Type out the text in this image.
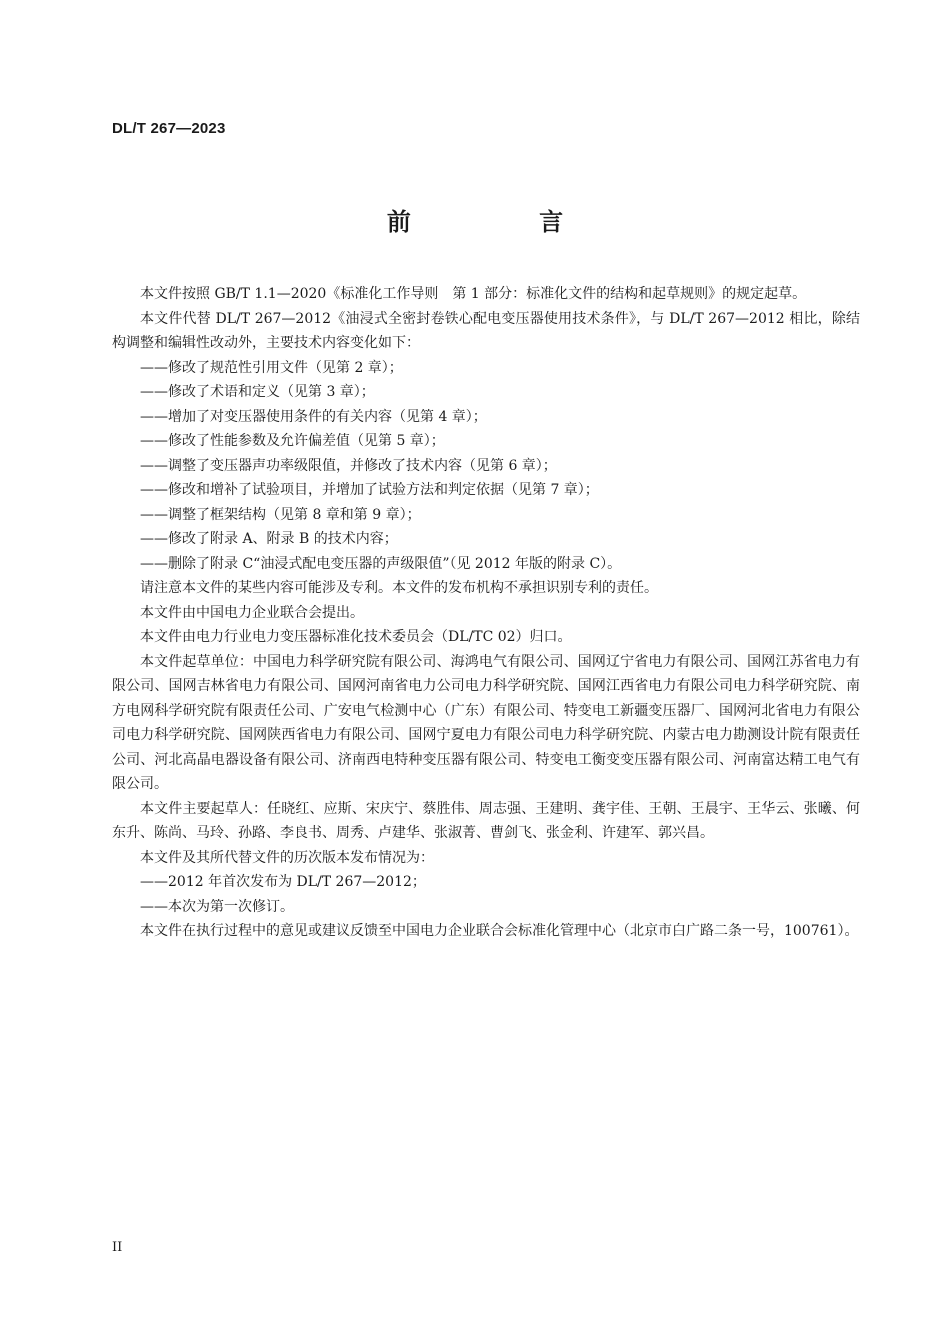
DL/T 267—2023
前 言

本文件按照 GB/T 1.1—2020《标准化工作导则　第 1 部分：标准化文件的结构和起草规则》的规定起草。

本文件代替 DL/T 267—2012《油浸式全密封卷铁心配电变压器使用技术条件》，与 DL/T 267—2012 相比，除结构调整和编辑性改动外，主要技术内容变化如下：

——修改了规范性引用文件（见第 2 章）；

——修改了术语和定义（见第 3 章）；

——增加了对变压器使用条件的有关内容（见第 4 章）；

——修改了性能参数及允许偏差值（见第 5 章）；

——调整了变压器声功率级限值，并修改了技术内容（见第 6 章）；

——修改和增补了试验项目，并增加了试验方法和判定依据（见第 7 章）；

——调整了框架结构（见第 8 章和第 9 章）；

——修改了附录 A、附录 B 的技术内容；

——删除了附录 C“油浸式配电变压器的声级限值”（见 2012 年版的附录 C）。

请注意本文件的某些内容可能涉及专利。本文件的发布机构不承担识别专利的责任。

本文件由中国电力企业联合会提出。

本文件由电力行业电力变压器标准化技术委员会（DL/TC 02）归口。

本文件起草单位：中国电力科学研究院有限公司、海鸿电气有限公司、国网辽宁省电力有限公司、国网江苏省电力有限公司、国网吉林省电力有限公司、国网河南省电力公司电力科学研究院、国网江西省电力有限公司电力科学研究院、南方电网科学研究院有限责任公司、广安电气检测中心（广东）有限公司、特变电工新疆变压器厂、国网河北省电力有限公司电力科学研究院、国网陕西省电力有限公司、国网宁夏电力有限公司电力科学研究院、内蒙古电力勘测设计院有限责任公司、河北高晶电器设备有限公司、济南西电特种变压器有限公司、特变电工衡变变压器有限公司、河南富达精工电气有限公司。

本文件主要起草人：任晓红、应斯、宋庆宁、蔡胜伟、周志强、王建明、龚宇佳、王朝、王晨宇、王华云、张曦、何东升、陈尚、马玲、孙路、李良书、周秀、卢建华、张淑菁、曹剑飞、张金利、许建军、郭兴昌。

本文件及其所代替文件的历次版本发布情况为：

——2012 年首次发布为 DL/T 267—2012；

——本次为第一次修订。

本文件在执行过程中的意见或建议反馈至中国电力企业联合会标准化管理中心（北京市白广路二条一号，100761）。

II
